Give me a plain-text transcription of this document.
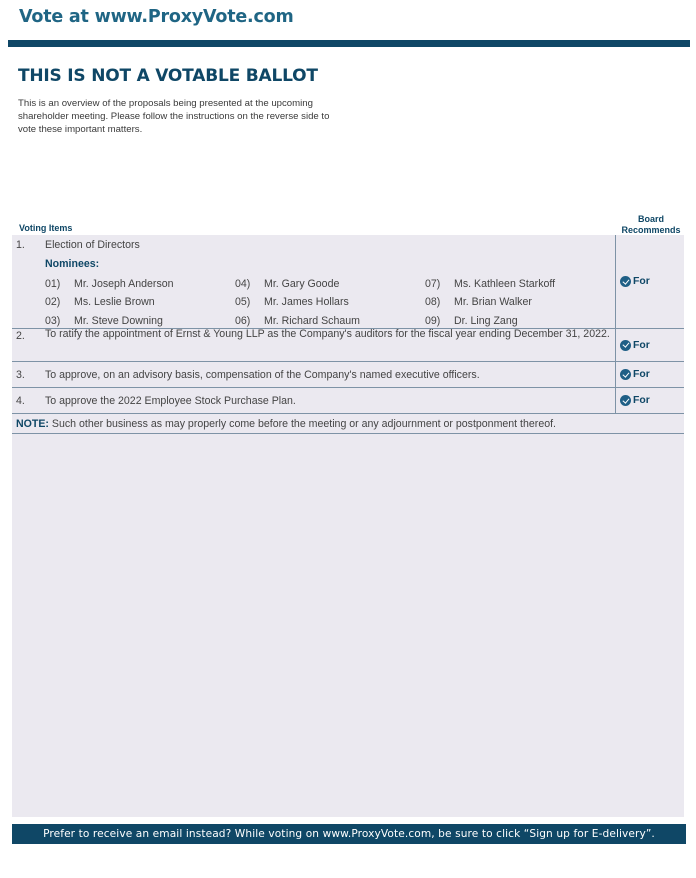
Vote at www.ProxyVote.com
THIS IS NOT A VOTABLE BALLOT
This is an overview of the proposals being presented at the upcoming shareholder meeting. Please follow the instructions on the reverse side to vote these important matters.
Voting Items
Board
Recommends
1. Election of Directors
Nominees:
01) Mr. Joseph Anderson
02) Ms. Leslie Brown
03) Mr. Steve Downing
04) Mr. Gary Goode
05) Mr. James Hollars
06) Mr. Richard Schaum
07) Ms. Kathleen Starkoff
08) Mr. Brian Walker
09) Dr. Ling Zang
For
2. To ratify the appointment of Ernst & Young LLP as the Company's auditors for the fiscal year ending December 31, 2022.
For
3. To approve, on an advisory basis, compensation of the Company's named executive officers.	For
4. To approve the 2022 Employee Stock Purchase Plan.	For
NOTE: Such other business as may properly come before the meeting or any adjournment or postponment thereof.
Prefer to receive an email instead? While voting on www.ProxyVote.com, be sure to click “Sign up for E-delivery”.
